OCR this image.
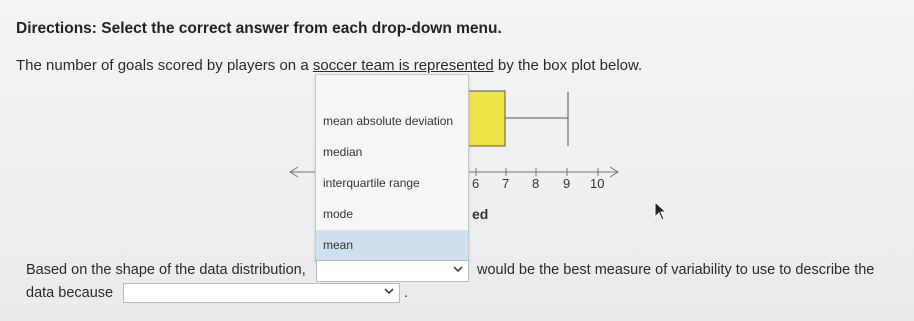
Directions: Select the correct answer from each drop-down menu.
The number of goals scored by players on a soccer team is represented by the box plot below.
6 7 8 9 10
ed
mean absolute deviation
median
interquartile range
mode
mean
Based on the shape of the data distribution,	would be the best measure of variability to use to describe the
data because	.
